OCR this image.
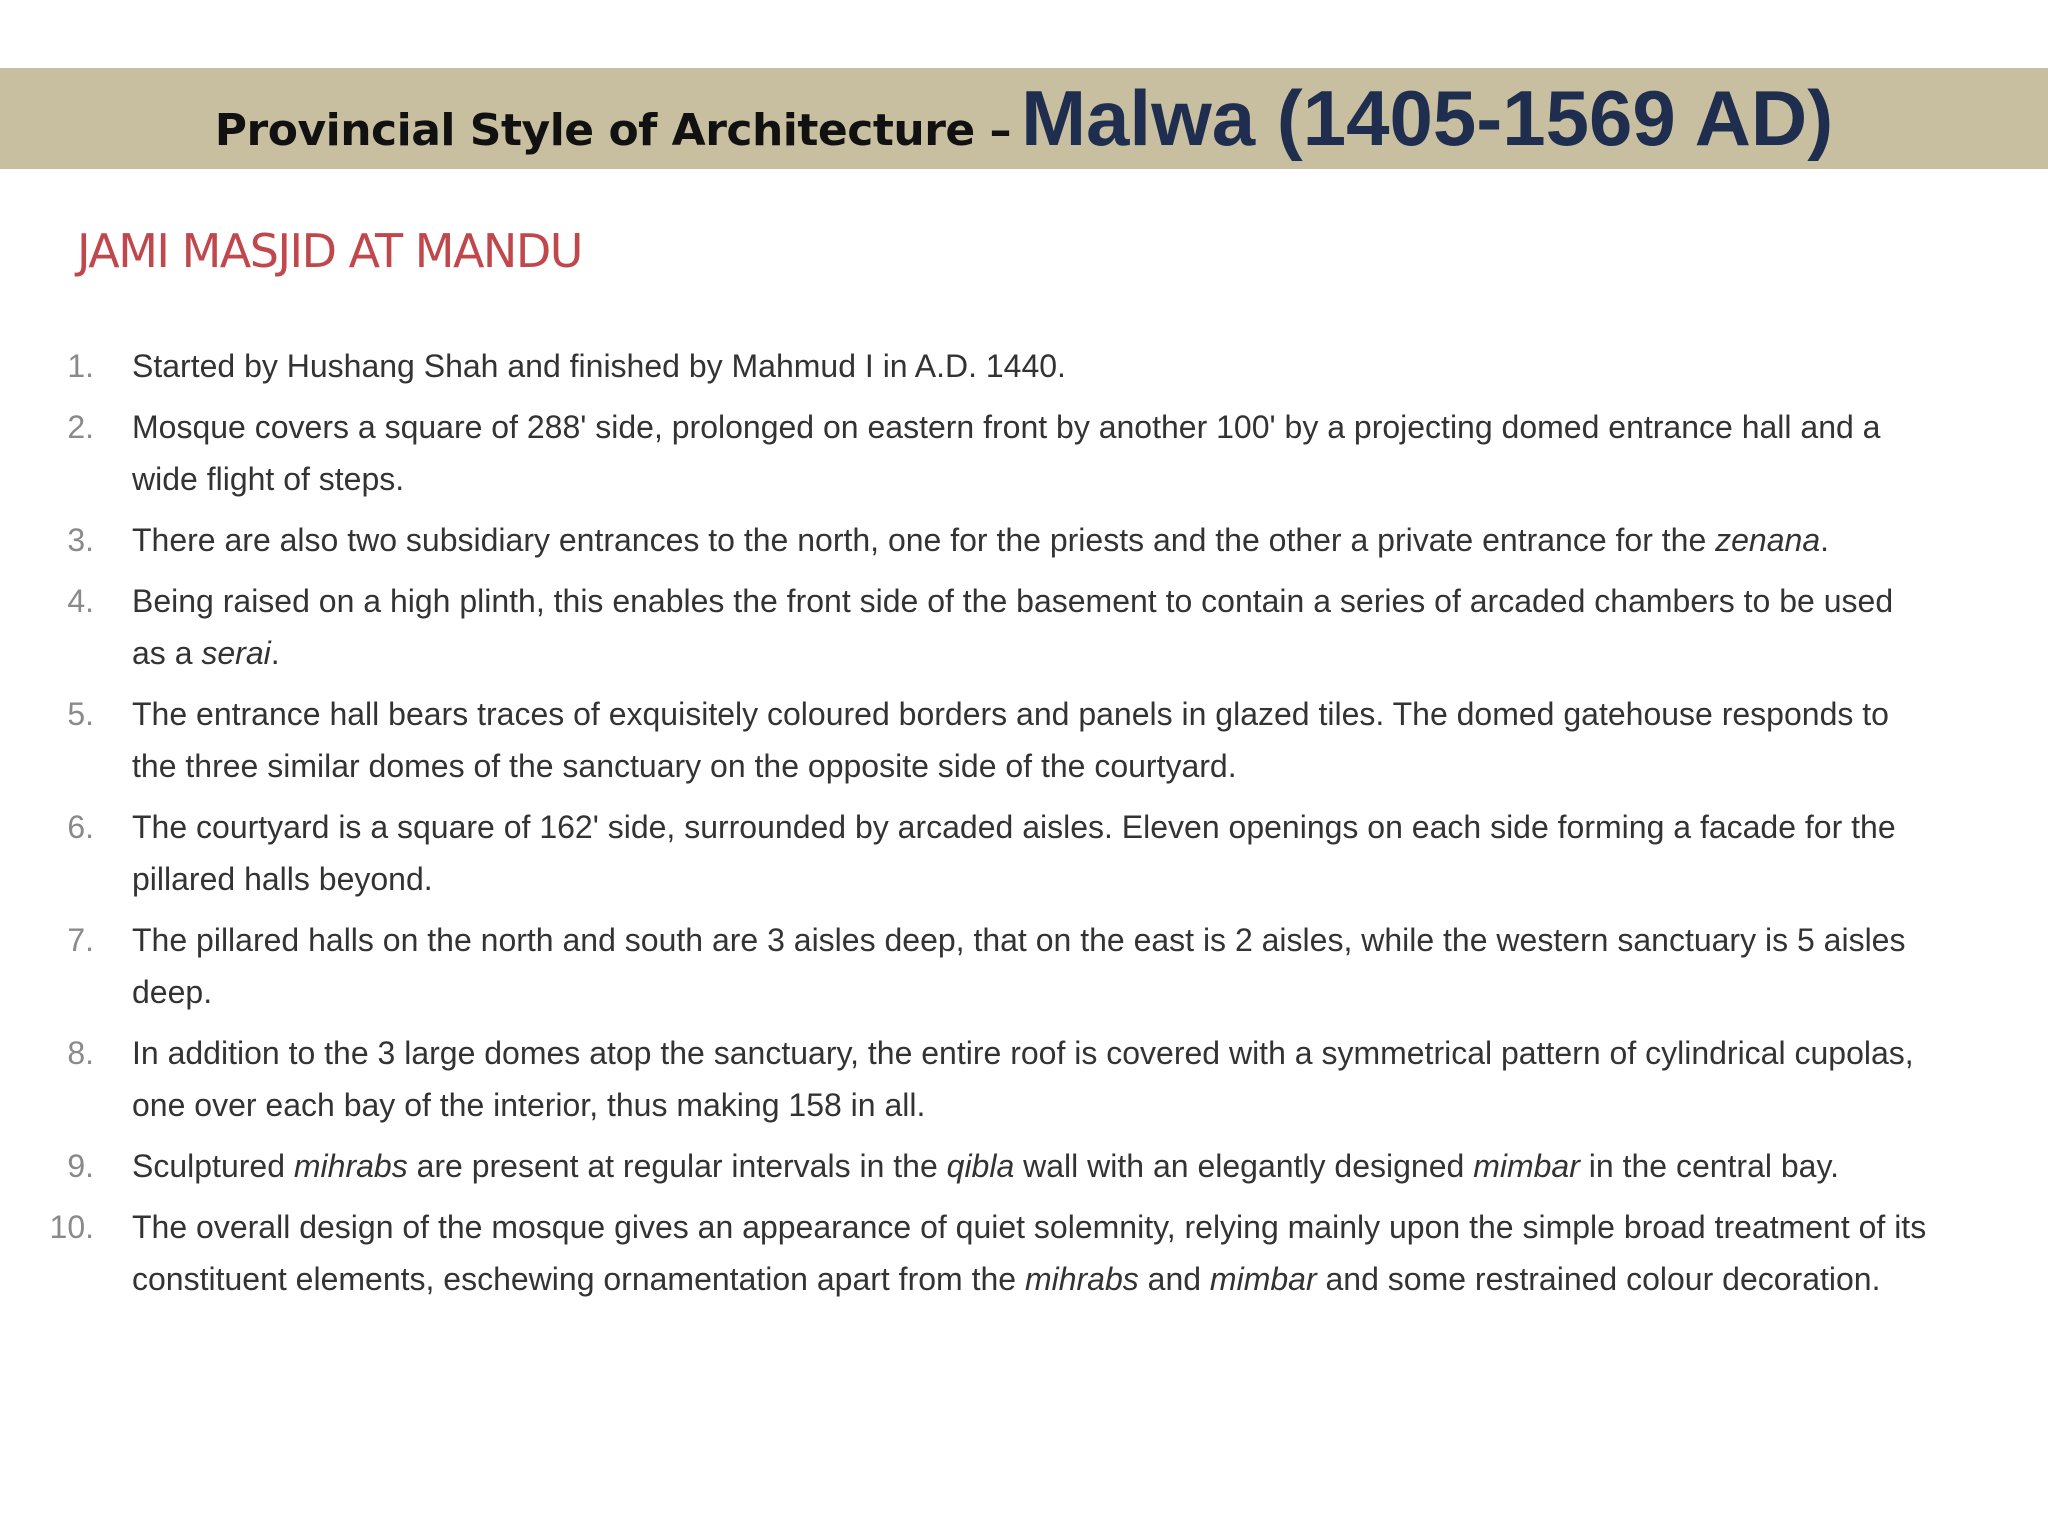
Provincial Style of Architecture – Malwa (1405-1569 AD)
JAMI MASJID AT MANDU
1.	Started by Hushang Shah and finished by Mahmud I in A.D. 1440.
2.	Mosque covers a square of 288' side, prolonged on eastern front by another 100' by a projecting domed entrance hall and a wide flight of steps.
3.	There are also two subsidiary entrances to the north, one for the priests and the other a private entrance for the zenana.
4.	Being raised on a high plinth, this enables the front side of the basement to contain a series of arcaded chambers to be used as a serai.
5.	The entrance hall bears traces of exquisitely coloured borders and panels in glazed tiles. The domed gatehouse responds to the three similar domes of the sanctuary on the opposite side of the courtyard.
6.	The courtyard is a square of 162' side, surrounded by arcaded aisles. Eleven openings on each side forming a facade for the pillared halls beyond.
7.	The pillared halls on the north and south are 3 aisles deep, that on the east is 2 aisles, while the western sanctuary is 5 aisles deep.
8.	In addition to the 3 large domes atop the sanctuary, the entire roof is covered with a symmetrical pattern of cylindrical cupolas, one over each bay of the interior, thus making 158 in all.
9.	Sculptured mihrabs are present at regular intervals in the qibla wall with an elegantly designed mimbar in the central bay.
10.	The overall design of the mosque gives an appearance of quiet solemnity, relying mainly upon the simple broad treatment of its constituent elements, eschewing ornamentation apart from the mihrabs and mimbar and some restrained colour decoration.
